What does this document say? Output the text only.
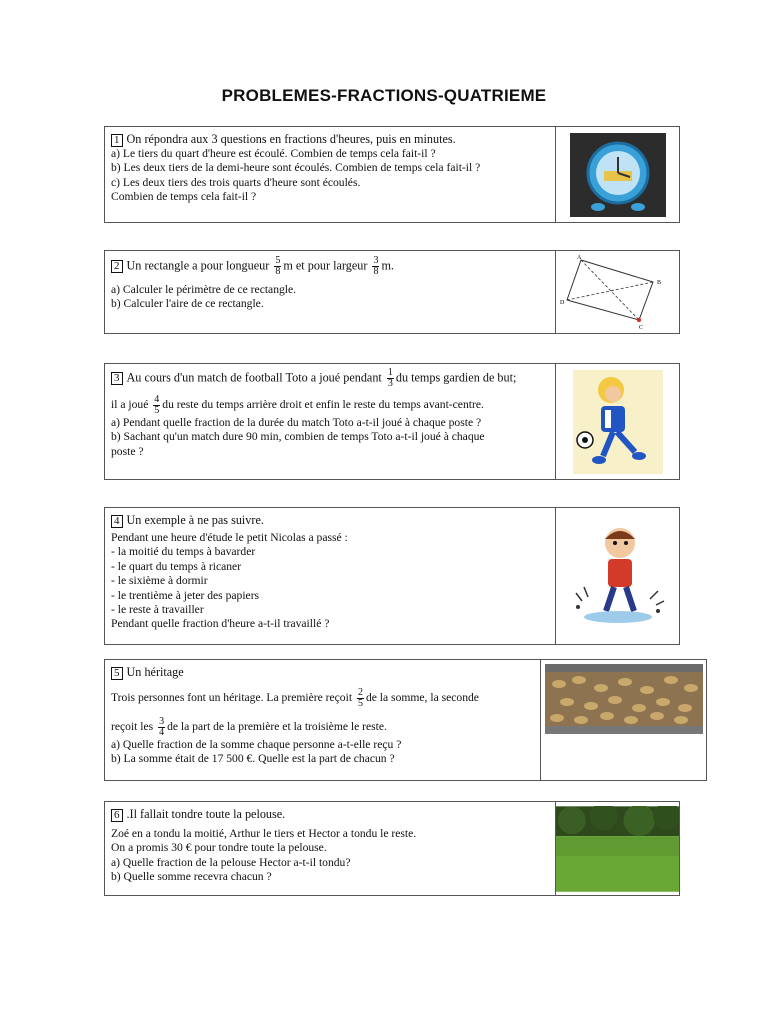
PROBLEMES-FRACTIONS-QUATRIEME
1 On répondra aux 3 questions en fractions d'heures, puis en minutes.
a) Le tiers du quart d'heure est écoulé. Combien de temps cela fait-il ?
b) Les deux tiers de la demi-heure sont écoulés. Combien de temps cela fait-il ?
c) Les deux tiers des trois quarts d'heure sont écoulés.
Combien de temps cela fait-il ?
2 Un rectangle a pour longueur $\frac{5}{8}$ m et pour largeur $\frac{3}{8} m$.
a) Calculer le périmètre de ce rectangle.
b) Calculer l'aire de ce rectangle.
A
B
C
D
3 Au cours d'un match de football Toto a joué pendant $\frac{1}{3}$ du temps gardien de but;
il a joué $\frac{4}{5}$ du reste du temps arrière droit et enfin le reste du temps avant-centre.
a) Pendant quelle fraction de la durée du match Toto a-t-il joué à chaque poste ?
b) Sachant qu'un match dure 90 min, combien de temps Toto a-t-il joué à chaque
poste ?
4 Un exemple à ne pas suivre.
Pendant une heure d'étude le petit Nicolas a passé :
- la moitié du temps à bavarder
- le quart du temps à ricaner
- le sixième à dormir
- le trentième à jeter des papiers
- le reste à travailler
Pendant quelle fraction d'heure a-t-il travaillé ?
5 Un héritage
Trois personnes font un héritage. La première reçoit $\frac{2}{5}$ de la somme, la seconde
reçoit les $\frac{3}{4}$ de la part de la première et la troisième le reste.
a) Quelle fraction de la somme chaque personne a-t-elle reçu ?
b) La somme était de 17 500 €. Quelle est la part de chacun ?
6 .Il fallait tondre toute la pelouse.
Zoé en a tondu la moitié, Arthur le tiers et Hector a tondu le reste.
On a promis 30 € pour tondre toute la pelouse.
a) Quelle fraction de la pelouse Hector a-t-il tondu?
b) Quelle somme recevra chacun ?
